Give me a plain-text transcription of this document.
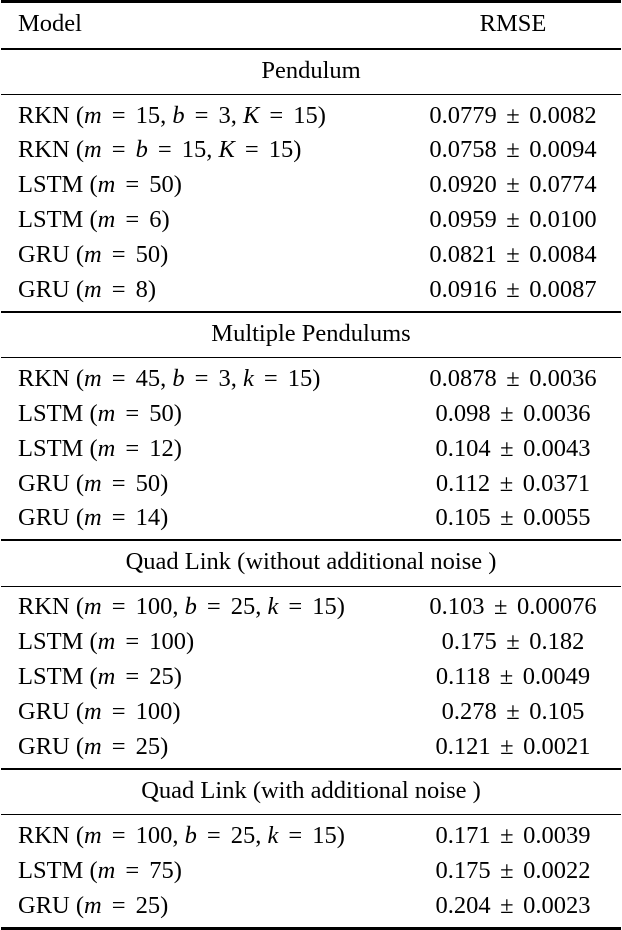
Model	RMSE

Pendulum	

RKN (m = 15, b = 3, K = 15)	0.0779 ± 0.0082
RKN (m = b = 15, K = 15)	0.0758 ± 0.0094
LSTM (m = 50)	0.0920 ± 0.0774
LSTM (m = 6)	0.0959 ± 0.0100
GRU (m = 50)	0.0821 ± 0.0084
GRU (m = 8)	0.0916 ± 0.0087

Multiple Pendulums	

RKN (m = 45, b = 3, k = 15)	0.0878 ± 0.0036
LSTM (m = 50)	0.098 ± 0.0036
LSTM (m = 12)	0.104 ± 0.0043
GRU (m = 50)	0.112 ± 0.0371
GRU (m = 14)	0.105 ± 0.0055

Quad Link (without additional noise )	

RKN (m = 100, b = 25, k = 15)	0.103 ± 0.00076
LSTM (m = 100)	0.175 ± 0.182
LSTM (m = 25)	0.118 ± 0.0049
GRU (m = 100)	0.278 ± 0.105
GRU (m = 25)	0.121 ± 0.0021

Quad Link (with additional noise )	

RKN (m = 100, b = 25, k = 15)	0.171 ± 0.0039
LSTM (m = 75)	0.175 ± 0.0022
GRU (m = 25)	0.204 ± 0.0023
